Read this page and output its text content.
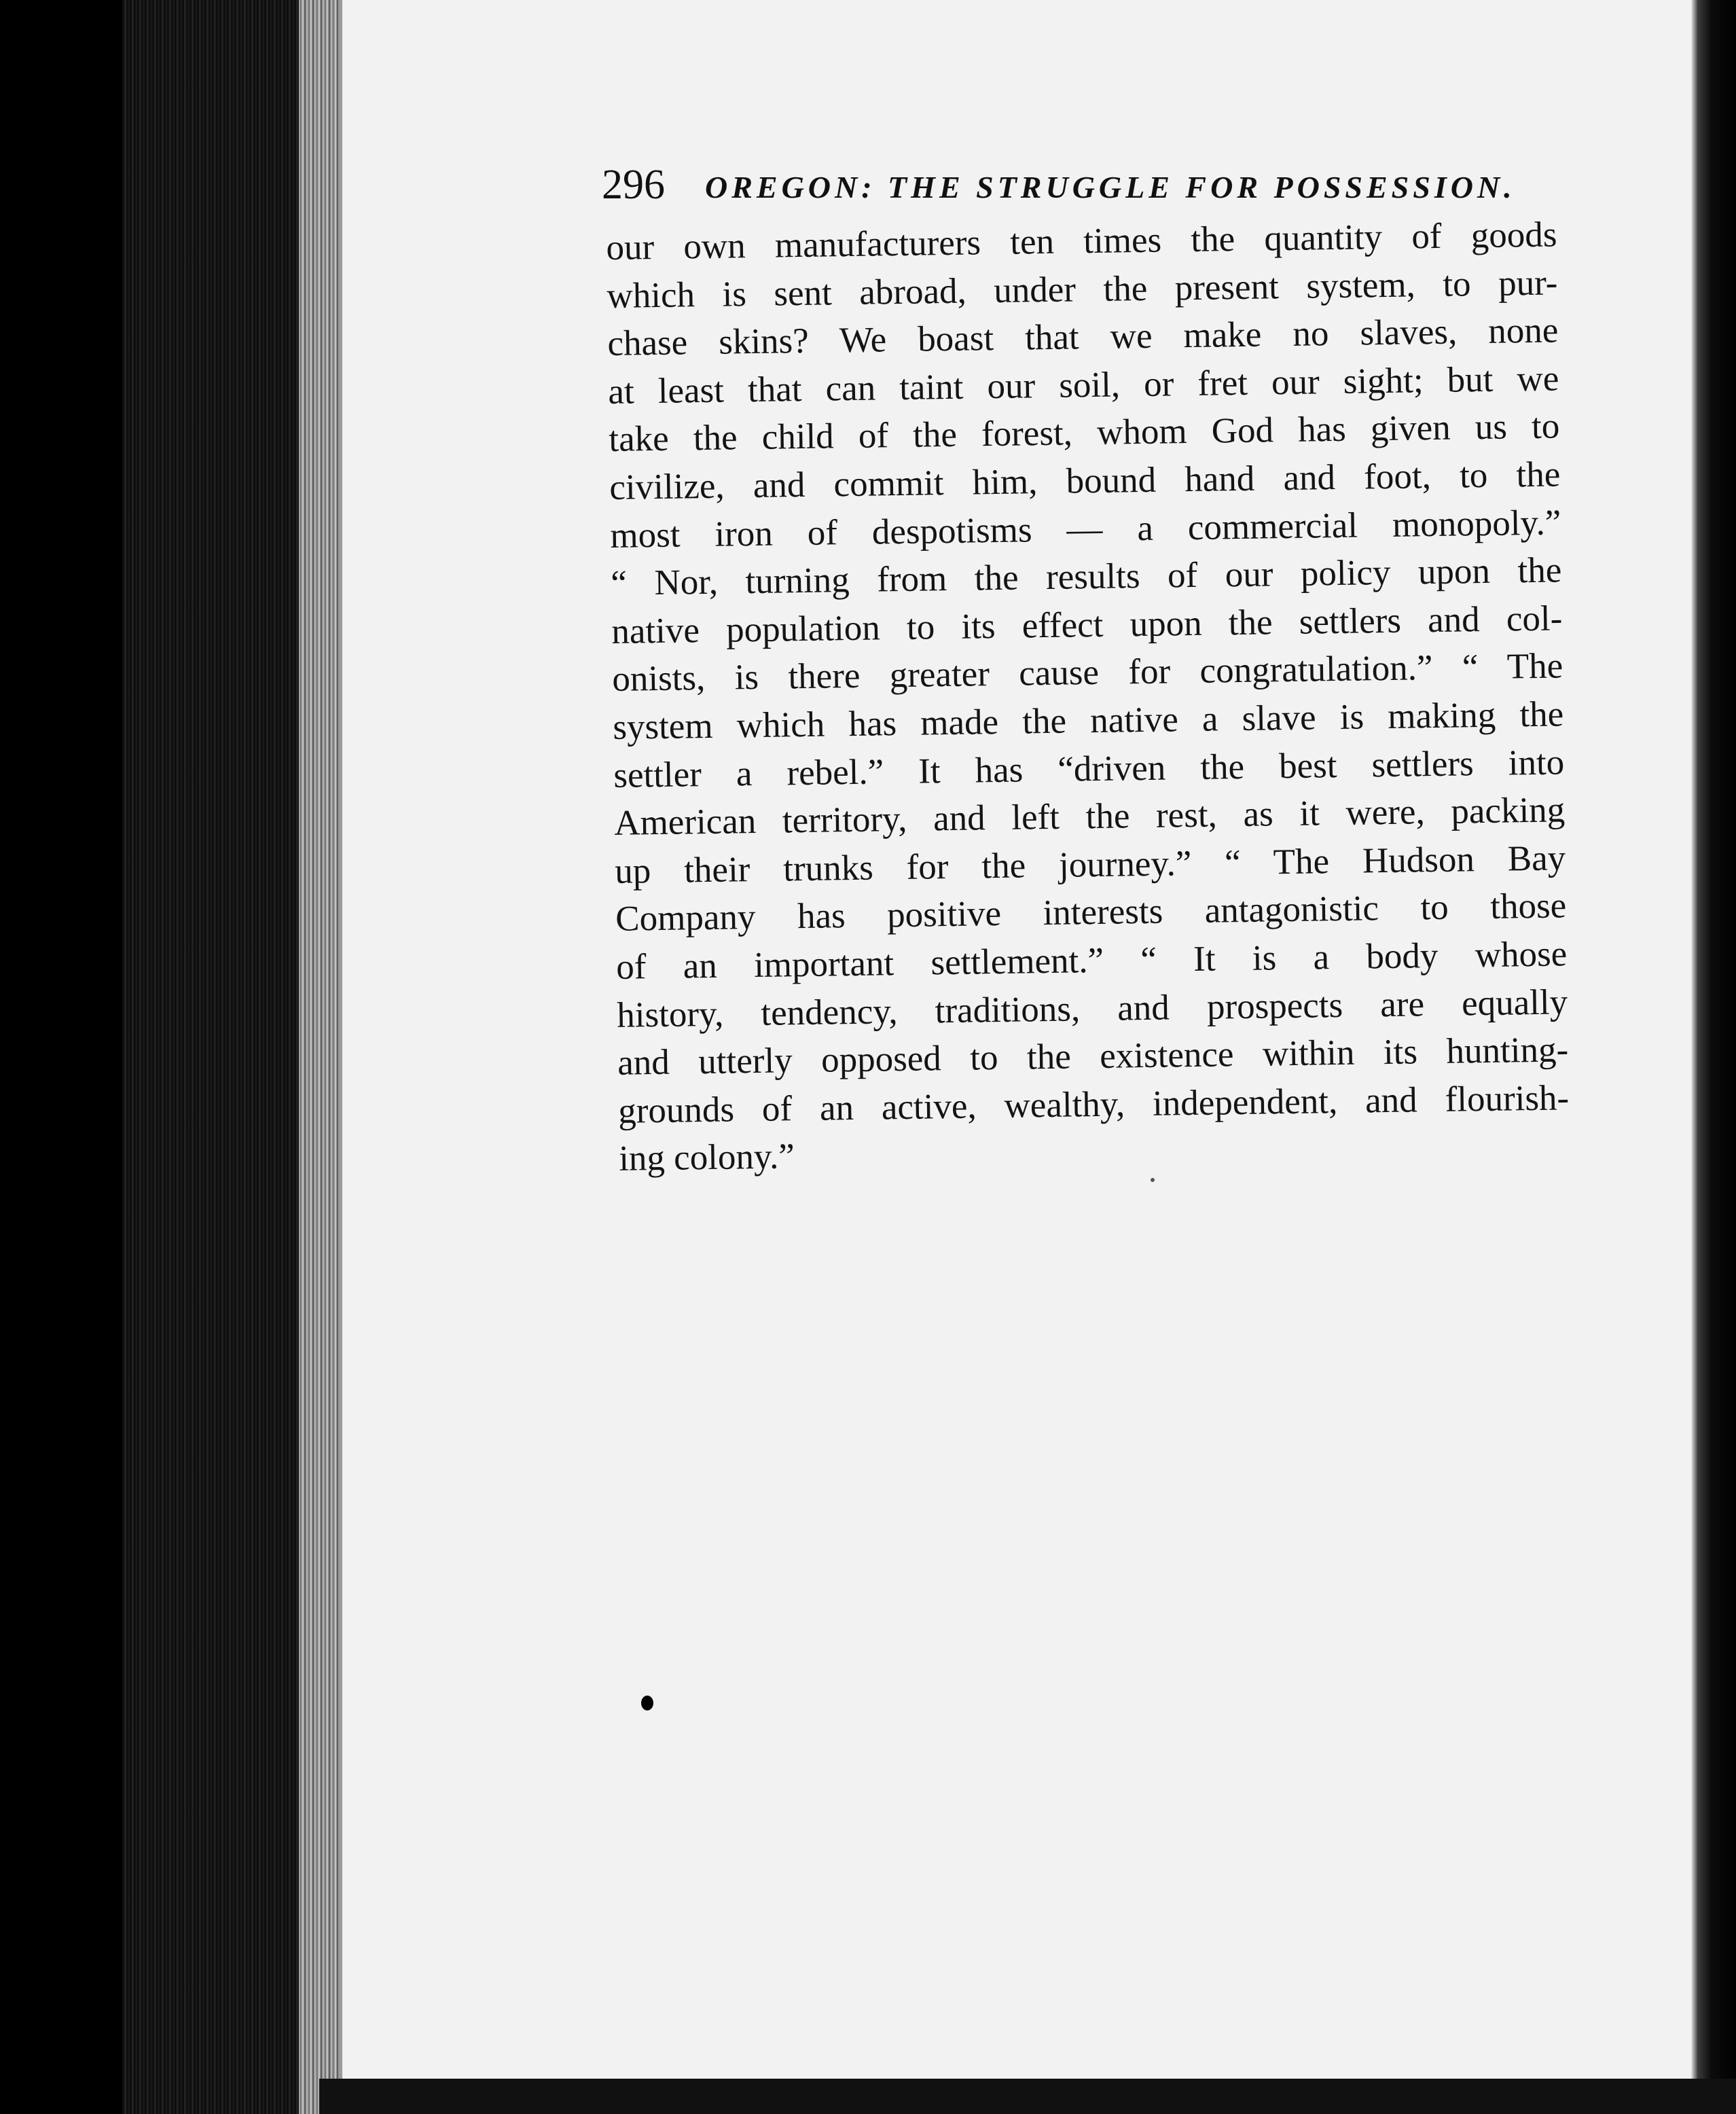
296 OREGON: THE STRUGGLE FOR POSSESSION.
our own manufacturers ten times the quantity of goods
which is sent abroad, under the present system, to pur-
chase skins? We boast that we make no slaves, none
at least that can taint our soil, or fret our sight; but we
take the child of the forest, whom God has given us to
civilize, and commit him, bound hand and foot, to the
most iron of despotisms — a commercial monopoly.”
“ Nor, turning from the results of our policy upon the
native population to its effect upon the settlers and col-
onists, is there greater cause for congratulation.” “ The
system which has made the native a slave is making the
settler a rebel.” It has “driven the best settlers into
American territory, and left the rest, as it were, packing
up their trunks for the journey.” “ The Hudson Bay
Company has positive interests antagonistic to those
of an important settlement.” “ It is a body whose
history, tendency, traditions, and prospects are equally
and utterly opposed to the existence within its hunting-
grounds of an active, wealthy, independent, and flourish-
ing colony.”
